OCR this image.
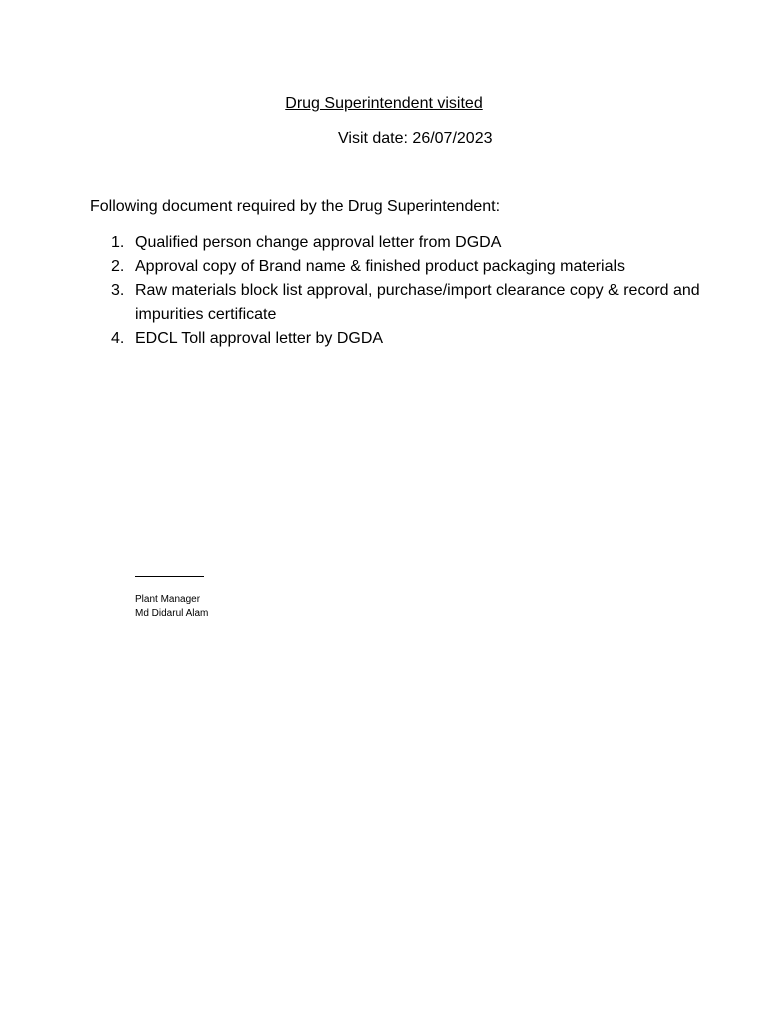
Drug Superintendent visited
Visit date: 26/07/2023
Following document required by the Drug Superintendent:
1. Qualified person change approval letter from DGDA
2. Approval copy of Brand name & finished product packaging materials
3. Raw materials block list approval, purchase/import clearance copy & record and impurities certificate
4. EDCL Toll approval letter by DGDA
Plant Manager
Md Didarul Alam
